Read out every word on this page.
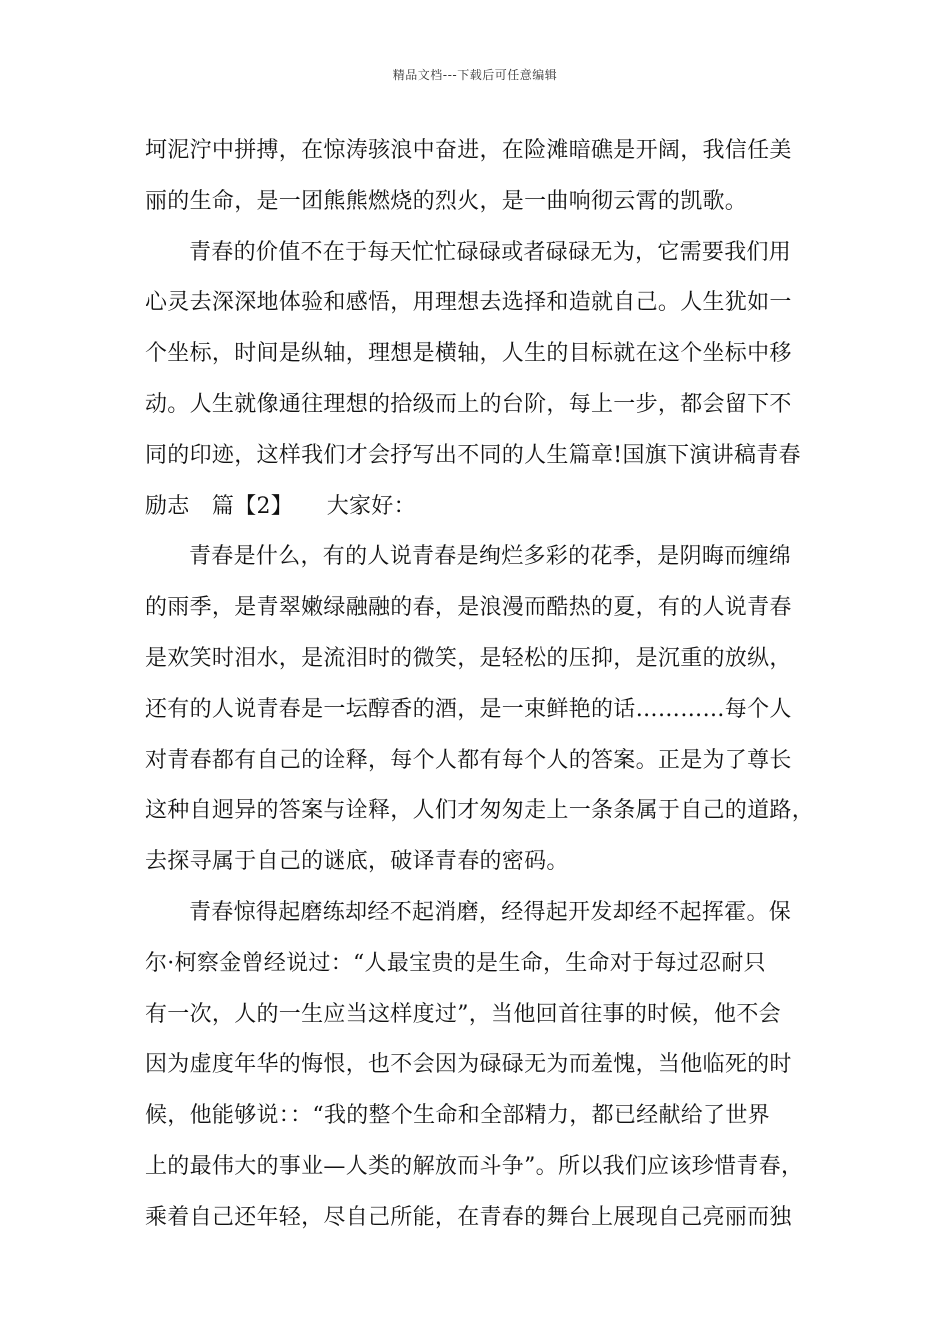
精品文档---下载后可任意编辑
坷泥泞中拼搏，在惊涛骇浪中奋进，在险滩暗礁是开阔，我信任美
丽的生命，是一团熊熊燃烧的烈火，是一曲响彻云霄的凯歌。
青春的价值不在于每天忙忙碌碌或者碌碌无为，它需要我们用
心灵去深深地体验和感悟，用理想去选择和造就自己。人生犹如一
个坐标，时间是纵轴，理想是横轴，人生的目标就在这个坐标中移
动。人生就像通往理想的拾级而上的台阶，每上一步，都会留下不
同的印迹，这样我们才会抒写出不同的人生篇章!国旗下演讲稿青春
励志　篇【2】　　大家好：
青春是什么，有的人说青春是绚烂多彩的花季，是阴晦而缠绵
的雨季，是青翠嫩绿融融的春，是浪漫而酷热的夏，有的人说青春
是欢笑时泪水，是流泪时的微笑，是轻松的压抑，是沉重的放纵，
还有的人说青春是一坛醇香的酒，是一束鲜艳的话…………每个人
对青春都有自己的诠释，每个人都有每个人的答案。正是为了尊长
这种自迥异的答案与诠释，人们才匆匆走上一条条属于自己的道路，
去探寻属于自己的谜底，破译青春的密码。
青春惊得起磨练却经不起消磨，经得起开发却经不起挥霍。保
尔·柯察金曾经说过：“人最宝贵的是生命，生命对于每过忍耐只
有一次，人的一生应当这样度过”，当他回首往事的时候，他不会
因为虚度年华的悔恨，也不会因为碌碌无为而羞愧，当他临死的时
候，他能够说：：“我的整个生命和全部精力，都已经献给了世界
上的最伟大的事业—人类的解放而斗争”。所以我们应该珍惜青春，
乘着自己还年轻，尽自己所能，在青春的舞台上展现自己亮丽而独
